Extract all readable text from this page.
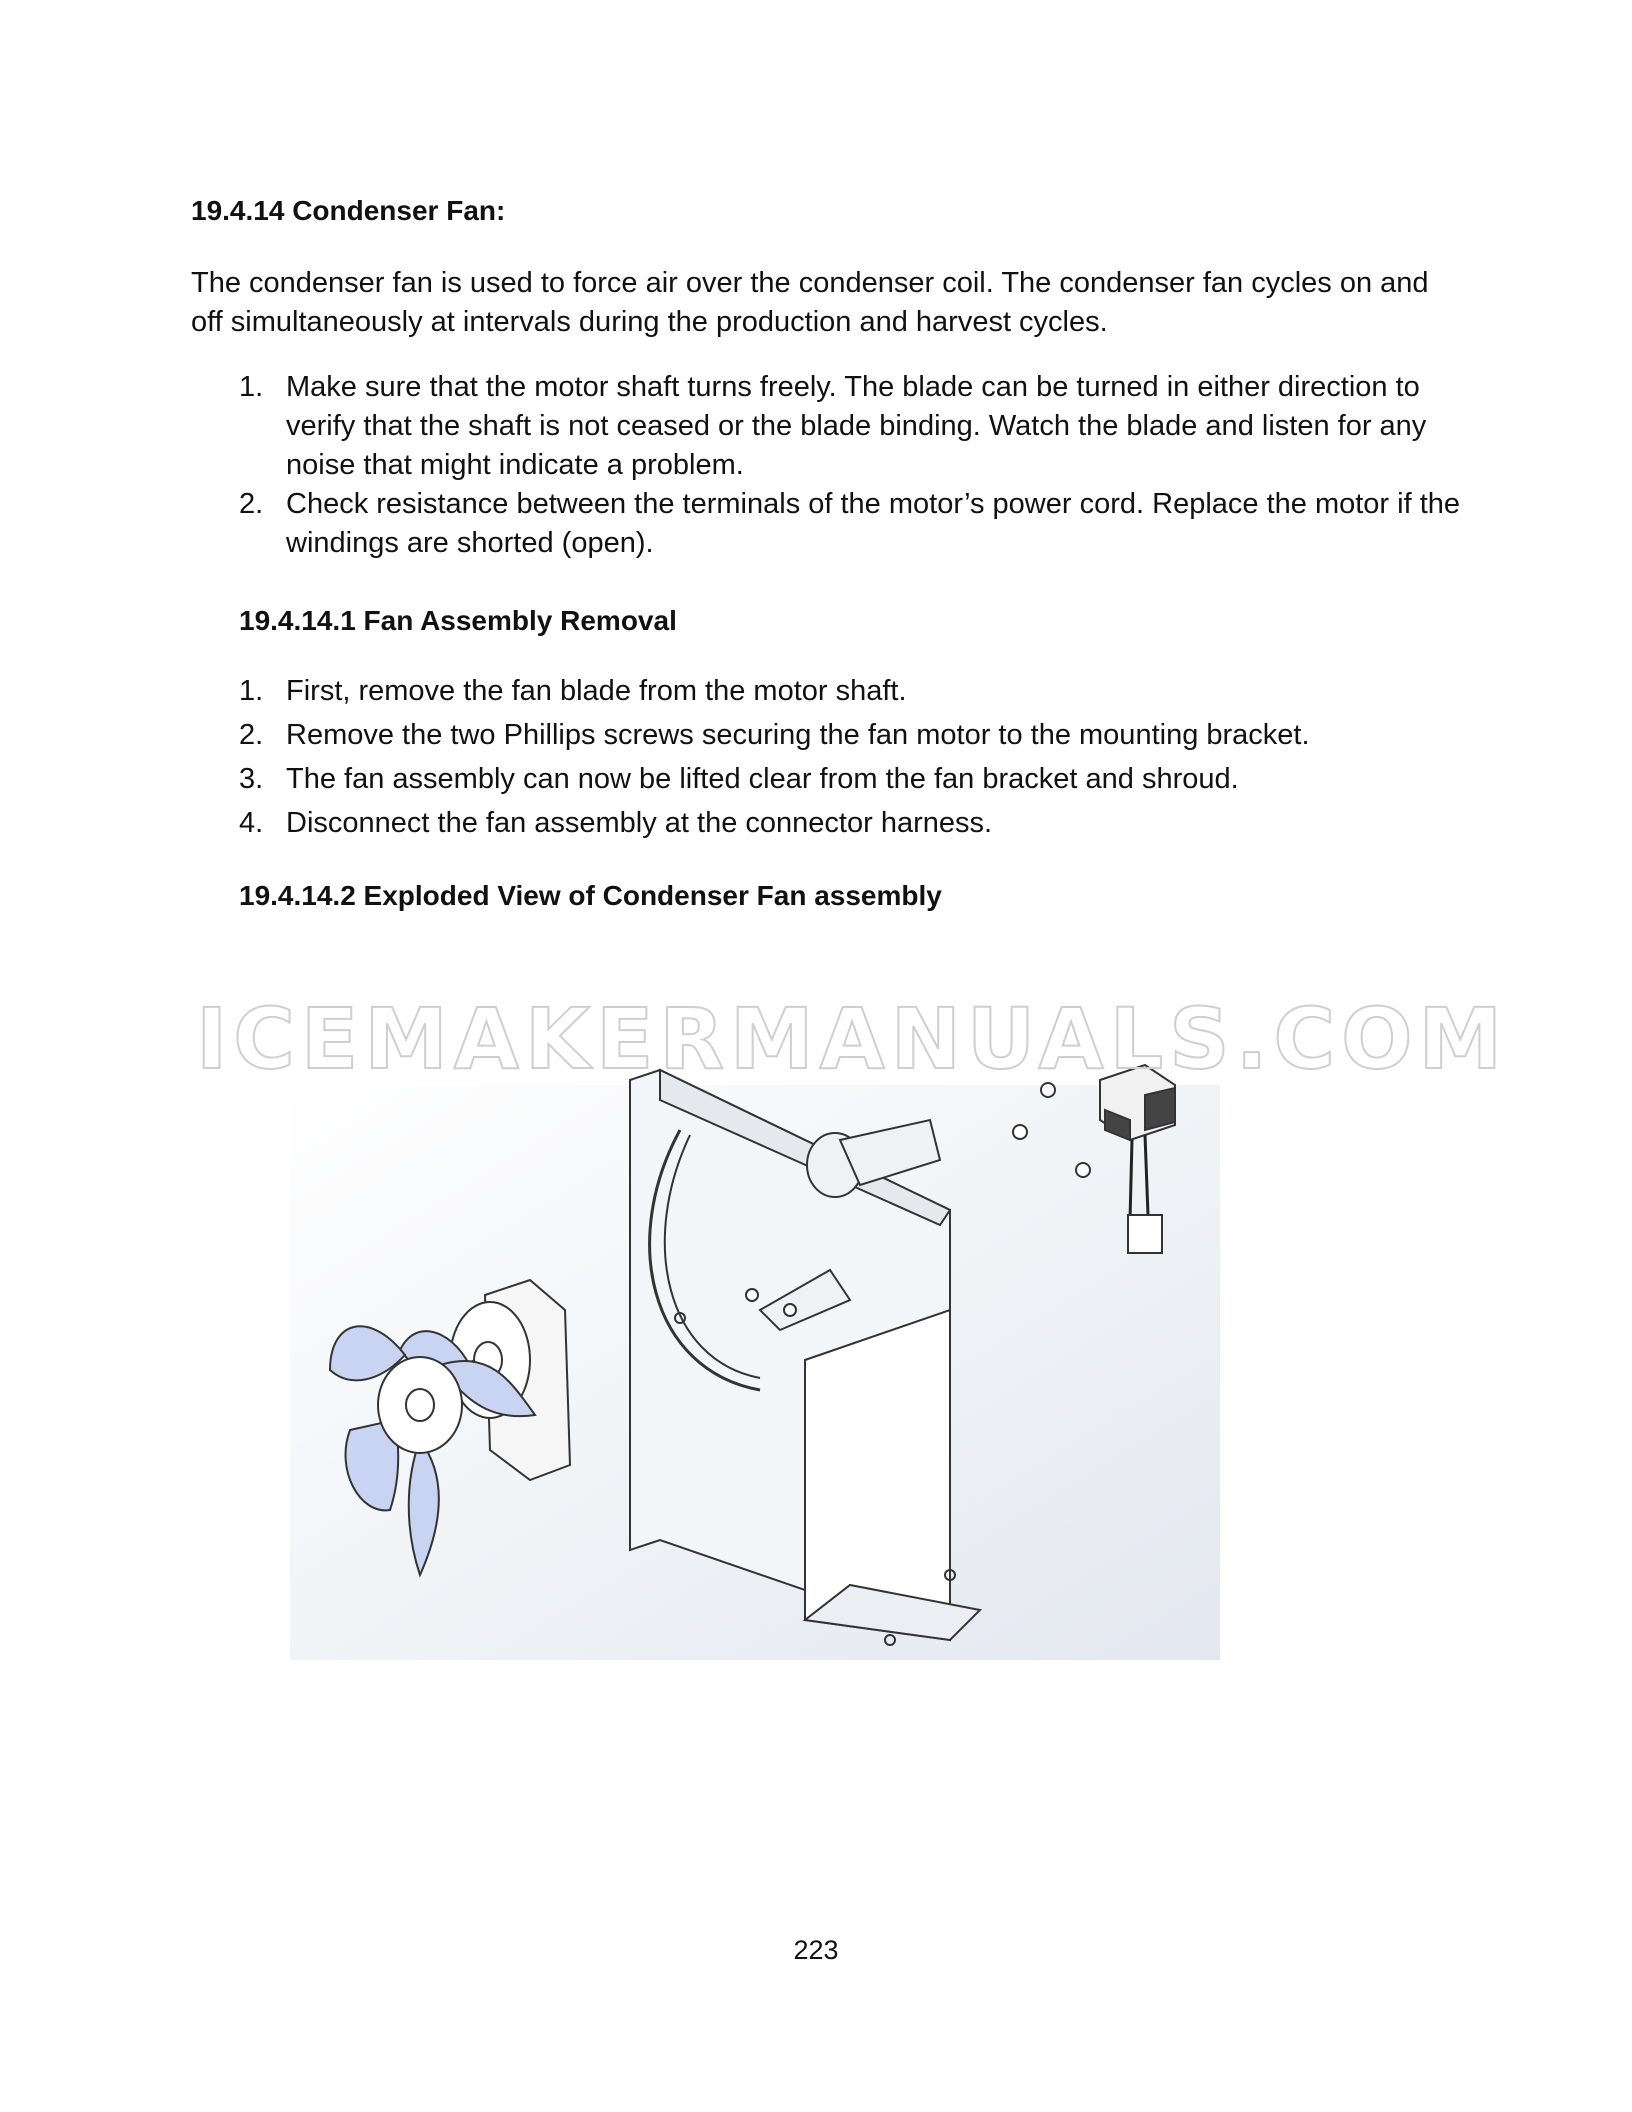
19.4.14 Condenser Fan:
The condenser fan is used to force air over the condenser coil. The condenser fan cycles on and off simultaneously at intervals during the production and harvest cycles.
1. Make sure that the motor shaft turns freely. The blade can be turned in either direction to verify that the shaft is not ceased or the blade binding. Watch the blade and listen for any noise that might indicate a problem.
2. Check resistance between the terminals of the motor’s power cord. Replace the motor if the windings are shorted (open).
19.4.14.1 Fan Assembly Removal
1. First, remove the fan blade from the motor shaft.
2. Remove the two Phillips screws securing the fan motor to the mounting bracket.
3. The fan assembly can now be lifted clear from the fan bracket and shroud.
4. Disconnect the fan assembly at the connector harness.
19.4.14.2 Exploded View of Condenser Fan assembly
ICEMAKERMANUALS.COM
223
